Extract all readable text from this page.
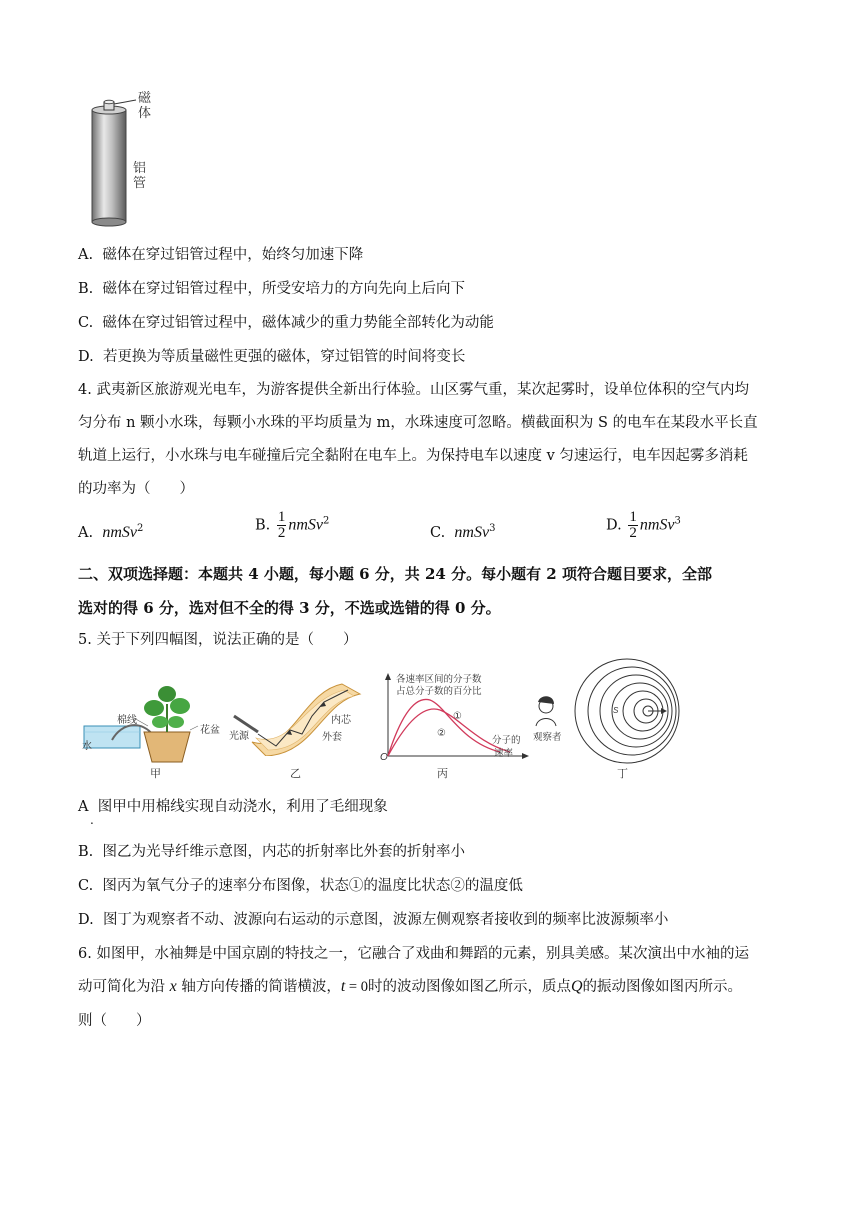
磁体
铝管
A. 磁体在穿过铝管过程中，始终匀加速下降
B. 磁体在穿过铝管过程中，所受安培力的方向先向上后向下
C. 磁体在穿过铝管过程中，磁体减少的重力势能全部转化为动能
D. 若更换为等质量磁性更强的磁体，穿过铝管的时间将变长
4. 武夷新区旅游观光电车，为游客提供全新出行体验。山区雾气重，某次起雾时，设单位体积的空气内均
匀分布 n 颗小水珠，每颗小水珠的平均质量为 m，水珠速度可忽略。横截面积为 S 的电车在某段水平长直
轨道上运行，小水珠与电车碰撞后完全黏附在电车上。为保持电车以速度 v 匀速运行，电车因起雾多消耗
的功率为（　　）
A. nmSv$^2$	B. $\frac{1}{2}$ nmSv$^2$
C. nmSv$^3$	D. $\frac{1}{2}$ nmSv$^3$
二、双项选择题：本题共 4 小题，每小题 6 分，共 24 分。每小题有 2 项符合题目要求，全部
选对的得 6 分，选对但不全的得 3 分，不选或选错的得 0 分。
5. 关于下列四幅图，说法正确的是（　　）
棉线
花盆
水
甲
光源
内芯
外套
乙
各速率区间的分子数
占总分子数的百分比
①
②
分子的
速率
O
丙
观察者
S
丁
A 图甲中用棉线实现自动浇水，利用了毛细现象
.
B. 图乙为光导纤维示意图，内芯的折射率比外套的折射率小
C. 图丙为氧气分子的速率分布图像，状态①的温度比状态②的温度低
D. 图丁为观察者不动、波源向右运动的示意图，波源左侧观察者接收到的频率比波源频率小
6. 如图甲，水袖舞是中国京剧的特技之一，它融合了戏曲和舞蹈的元素，别具美感。某次演出中水袖的运
动可简化为沿 x 轴方向传播的简谐横波，t = 0时的波动图像如图乙所示，质点Q的振动图像如图丙所示。
则（　　）
